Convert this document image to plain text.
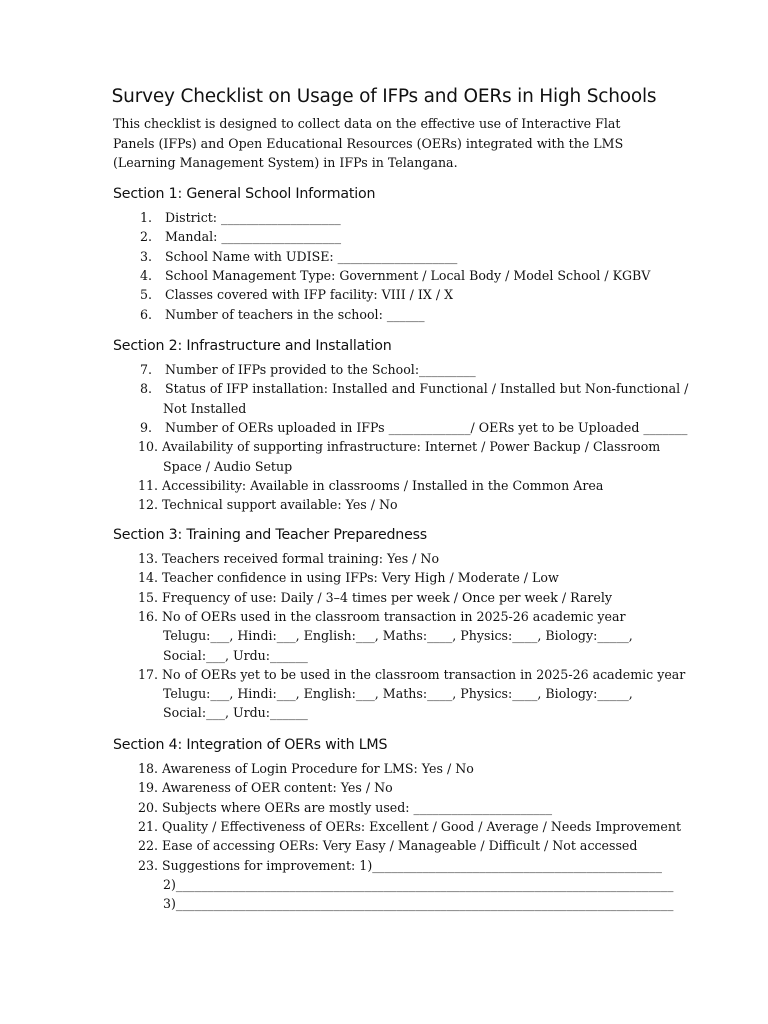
Survey Checklist on Usage of IFPs and OERs in High Schools
This checklist is designed to collect data on the effective use of Interactive Flat Panels (IFPs) and Open Educational Resources (OERs) integrated with the LMS (Learning Management System) in IFPs in Telangana.
Section 1: General School Information
1. District: ___________________
2. Mandal: ___________________
3. School Name with UDISE: ___________________
4. School Management Type: Government / Local Body / Model School / KGBV
5. Classes covered with IFP facility: VIII / IX / X
6. Number of teachers in the school: ______
Section 2: Infrastructure and Installation
7. Number of IFPs provided to the School:_________
8. Status of IFP installation: Installed and Functional / Installed but Non-functional /
Not Installed
9. Number of OERs uploaded in IFPs _____________/ OERs yet to be Uploaded _______
10. Availability of supporting infrastructure: Internet / Power Backup / Classroom
Space / Audio Setup
11. Accessibility: Available in classrooms / Installed in the Common Area
12. Technical support available: Yes / No
Section 3: Training and Teacher Preparedness
13. Teachers received formal training: Yes / No
14. Teacher confidence in using IFPs: Very High / Moderate / Low
15. Frequency of use: Daily / 3–4 times per week / Once per week / Rarely
16. No of OERs used in the classroom transaction in 2025-26 academic year
Telugu:___, Hindi:___, English:___, Maths:____, Physics:____, Biology:_____,
Social:___, Urdu:______
17. No of OERs yet to be used in the classroom transaction in 2025-26 academic year
Telugu:___, Hindi:___, English:___, Maths:____, Physics:____, Biology:_____,
Social:___, Urdu:______
Section 4: Integration of OERs with LMS
18. Awareness of Login Procedure for LMS: Yes / No
19. Awareness of OER content: Yes / No
20. Subjects where OERs are mostly used: ______________________
21. Quality / Effectiveness of OERs: Excellent / Good / Average / Needs Improvement
22. Ease of accessing OERs: Very Easy / Manageable / Difficult / Not accessed
23. Suggestions for improvement: 1)______________________________________________
2)_______________________________________________________________________________
3)_______________________________________________________________________________
